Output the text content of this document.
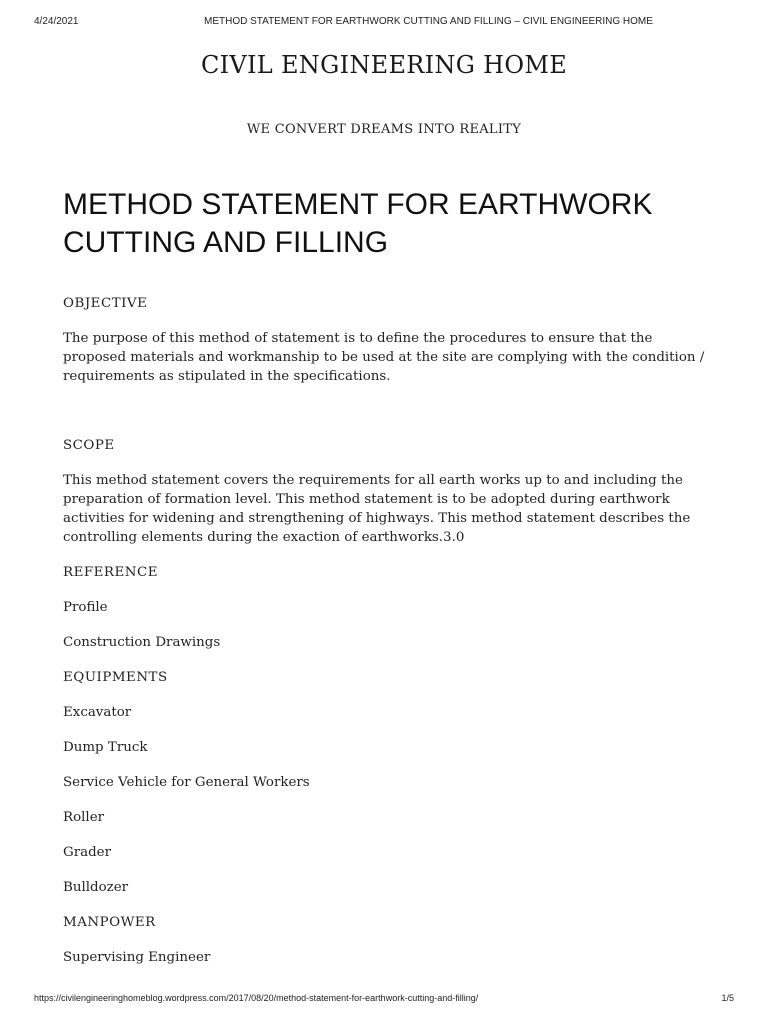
4/24/2021	METHOD STATEMENT FOR EARTHWORK CUTTING AND FILLING – CIVIL ENGINEERING HOME
CIVIL ENGINEERING HOME
WE CONVERT DREAMS INTO REALITY
METHOD STATEMENT FOR EARTHWORK CUTTING AND FILLING

OBJECTIVE

The purpose of this method of statement is to define the procedures to ensure that the proposed materials and workmanship to be used at the site are complying with the condition / requirements as stipulated in the specifications.

SCOPE

This method statement covers the requirements for all earth works up to and including the preparation of formation level. This method statement is to be adopted during earthwork activities for widening and strengthening of highways. This method statement describes the controlling elements during the exaction of earthworks.3.0

REFERENCE

Profile

Construction Drawings

EQUIPMENTS

Excavator

Dump Truck

Service Vehicle for General Workers

Roller

Grader

Bulldozer

MANPOWER

Supervising Engineer

https://civilengineeringhomeblog.wordpress.com/2017/08/20/method-statement-for-earthwork-cutting-and-filling/	1/5
